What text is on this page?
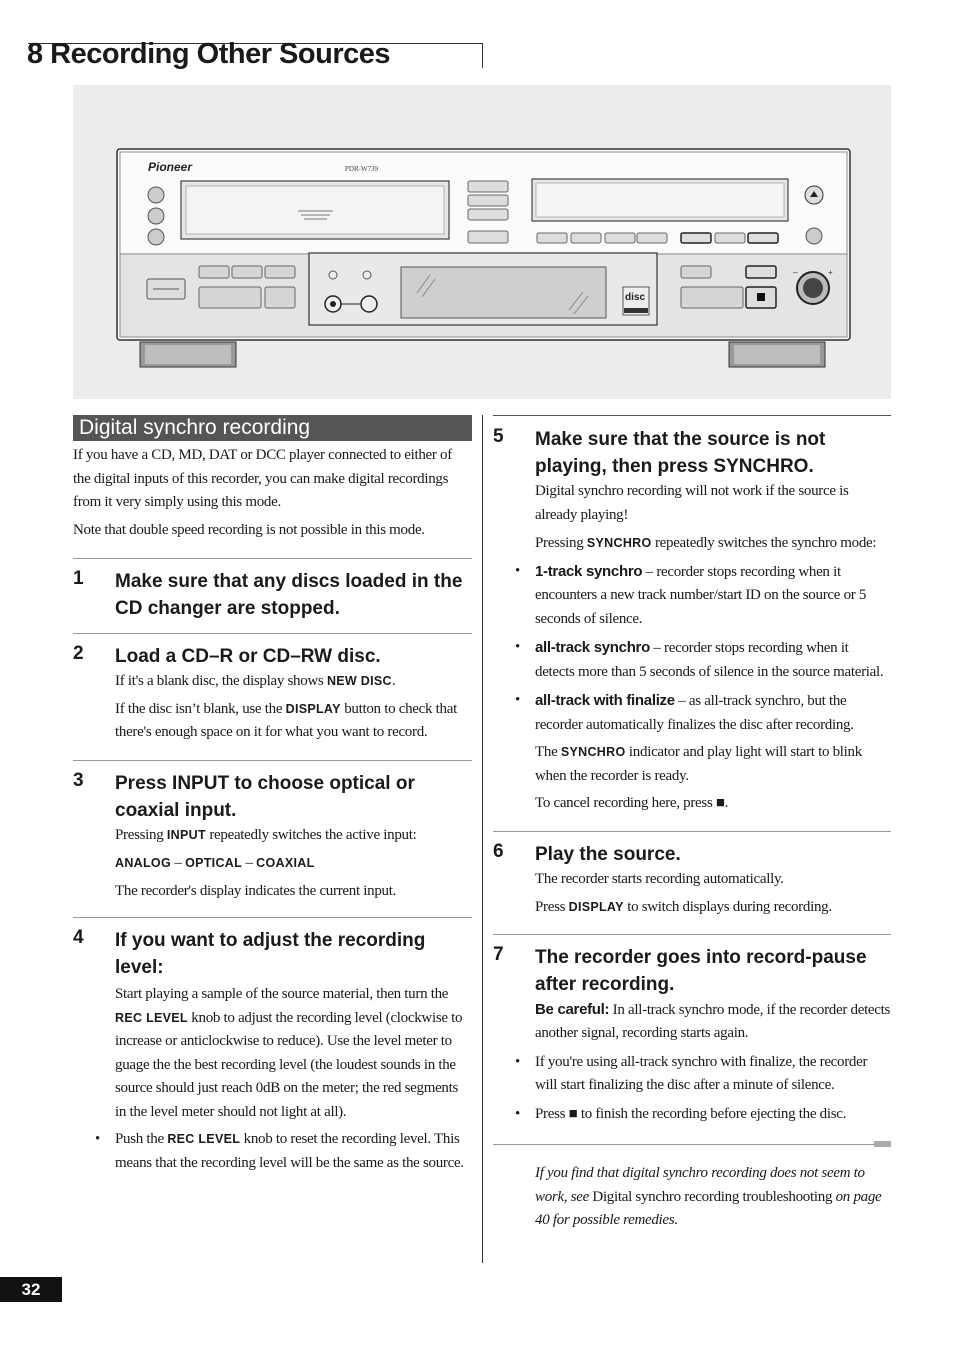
8 Recording Other Sources
Pioneer	PDR-W739
disc
–	+
Digital synchro recording

If you have a CD, MD, DAT or DCC player connected to either of the digital inputs of this recorder, you can make digital recordings from it very simply using this mode.

Note that double speed recording is not possible in this mode.

1 Make sure that any discs loaded in the CD changer are stopped.
2 Load a CD–R or CD–RW disc.

If it's a blank disc, the display shows NEW DISC.

If the disc isn’t blank, use the DISPLAY button to check that there's enough space on it for what you want to record.

3 Press INPUT to choose optical or coaxial input.

Pressing INPUT repeatedly switches the active input:

ANALOG – OPTICAL – COAXIAL

The recorder's display indicates the current input.

4 If you want to adjust the recording level:

Start playing a sample of the source material, then turn the REC LEVEL knob to adjust the recording level (clockwise to increase or anticlockwise to reduce). Use the level meter to guage the the best recording level (the loudest sounds in the source should just reach 0dB on the meter; the red segments in the level meter should not light at all).

• Push the REC LEVEL knob to reset the recording level. This means that the recording level will be the same as the source.

5 Make sure that the source is not playing, then press SYNCHRO.

Digital synchro recording will not work if the source is already playing!

Pressing SYNCHRO repeatedly switches the synchro mode:

• 1-track synchro – recorder stops recording when it encounters a new track number/start ID on the source or 5 seconds of silence.

• all-track synchro – recorder stops recording when it detects more than 5 seconds of silence in the source material.

• all-track with finalize – as all-track synchro, but the recorder automatically finalizes the disc after recording.

The SYNCHRO indicator and play light will start to blink when the recorder is ready.

To cancel recording here, press ■.

6 Play the source.

The recorder starts recording automatically.

Press DISPLAY to switch displays during recording.

7 The recorder goes into record-pause after recording.

Be careful: In all-track synchro mode, if the recorder detects another signal, recording starts again.

• If you're using all-track synchro with finalize, the recorder will start finalizing the disc after a minute of silence.

• Press ■ to finish the recording before ejecting the disc.

If you find that digital synchro recording does not seem to work, see Digital synchro recording troubleshooting on page 40 for possible remedies.

32
